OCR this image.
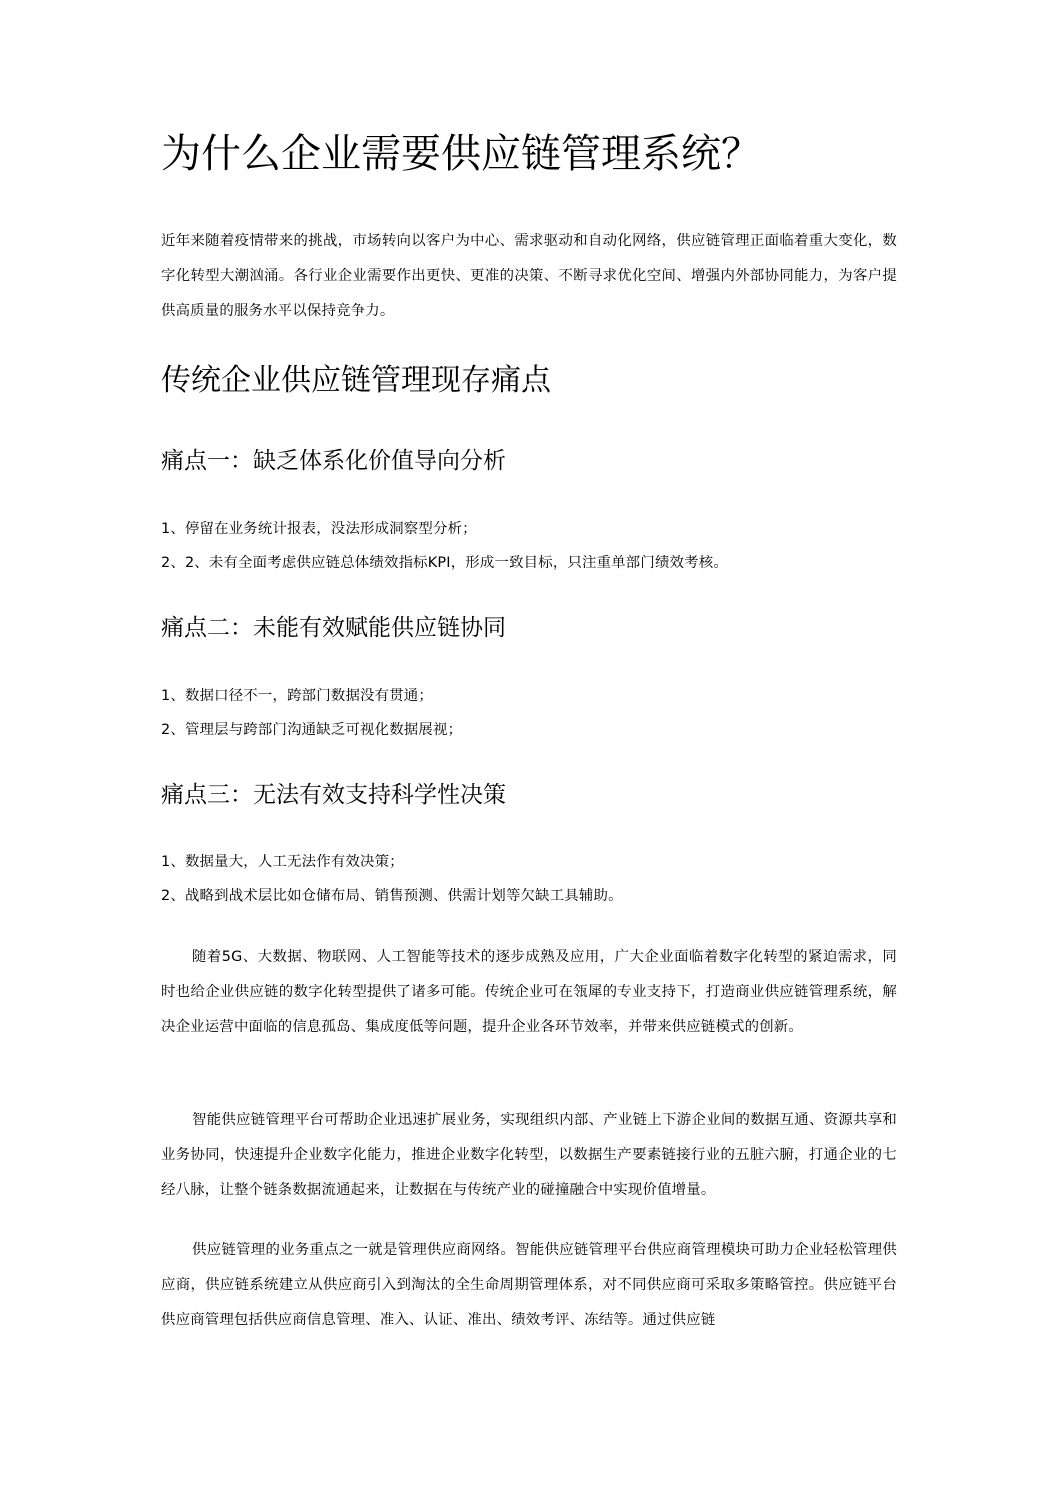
为什么企业需要供应链管理系统？

近年来随着疫情带来的挑战，市场转向以客户为中心、需求驱动和自动化网络，供应链管理正面临着重大变化，数字化转型大潮汹涌。各行业企业需要作出更快、更准的决策、不断寻求优化空间、增强内外部协同能力，为客户提供高质量的服务水平以保持竞争力。

传统企业供应链管理现存痛点
痛点一：缺乏体系化价值导向分析
1、停留在业务统计报表，没法形成洞察型分析；
2、2、未有全面考虑供应链总体绩效指标KPI，形成一致目标，只注重单部门绩效考核。
痛点二：未能有效赋能供应链协同
1、数据口径不一，跨部门数据没有贯通；
2、管理层与跨部门沟通缺乏可视化数据展视；
痛点三：无法有效支持科学性决策
1、数据量大，人工无法作有效决策；
2、战略到战术层比如仓储布局、销售预测、供需计划等欠缺工具辅助。

随着5G、大数据、物联网、人工智能等技术的逐步成熟及应用，广大企业面临着数字化转型的紧迫需求，同时也给企业供应链的数字化转型提供了诸多可能。传统企业可在瓴犀的专业支持下，打造商业供应链管理系统，解决企业运营中面临的信息孤岛、集成度低等问题，提升企业各环节效率，并带来供应链模式的创新。

智能供应链管理平台可帮助企业迅速扩展业务，实现组织内部、产业链上下游企业间的数据互通、资源共享和业务协同，快速提升企业数字化能力，推进企业数字化转型，以数据生产要素链接行业的五脏六腑，打通企业的七经八脉，让整个链条数据流通起来，让数据在与传统产业的碰撞融合中实现价值增量。

供应链管理的业务重点之一就是管理供应商网络。智能供应链管理平台供应商管理模块可助力企业轻松管理供应商，供应链系统建立从供应商引入到淘汰的全生命周期管理体系，对不同供应商可采取多策略管控。供应链平台供应商管理包括供应商信息管理、准入、认证、准出、绩效考评、冻结等。通过供应链
